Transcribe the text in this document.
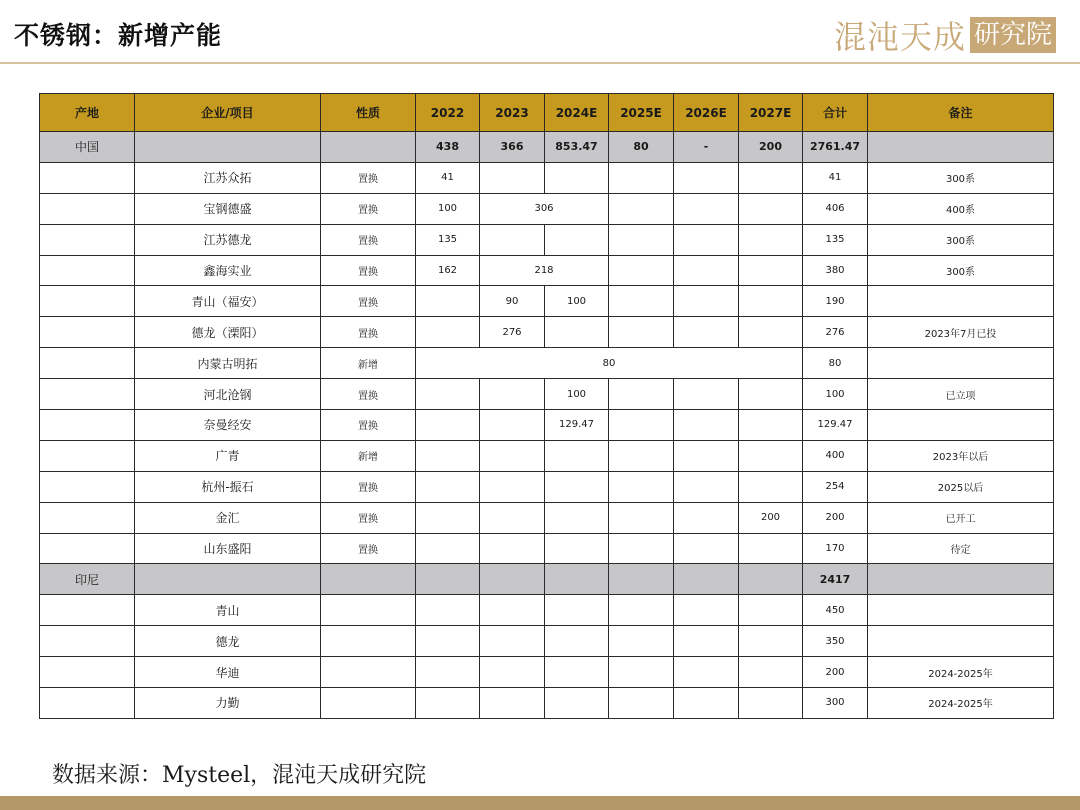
不锈钢：新增产能	混沌天成 研究院
产地	企业/项目	性质	2022	2023	2024E	2025E	2026E	2027E	合计	备注
中国			438	366	853.47	80	-	200	2761.47	
	江苏众拓	置换	41						41	300系
	宝钢德盛	置换	100	306					406	400系
	江苏德龙	置换	135						135	300系
	鑫海实业	置换	162	218					380	300系
	青山（福安）	置换		90	100				190	
	德龙（溧阳）	置换		276					276	2023年7月已投
	内蒙古明拓	新增	80						80	
	河北沧钢	置换			100				100	已立项
	奈曼经安	置换			129.47				129.47	
	广青	新增							400	2023年以后
	杭州-振石	置换							254	2025以后
	金汇	置换						200	200	已开工
	山东盛阳	置换							170	待定
印尼									2417	
	青山								450	
	德龙								350	
	华迪								200	2024-2025年
	力勤								300	2024-2025年
数据来源：Mysteel，混沌天成研究院
